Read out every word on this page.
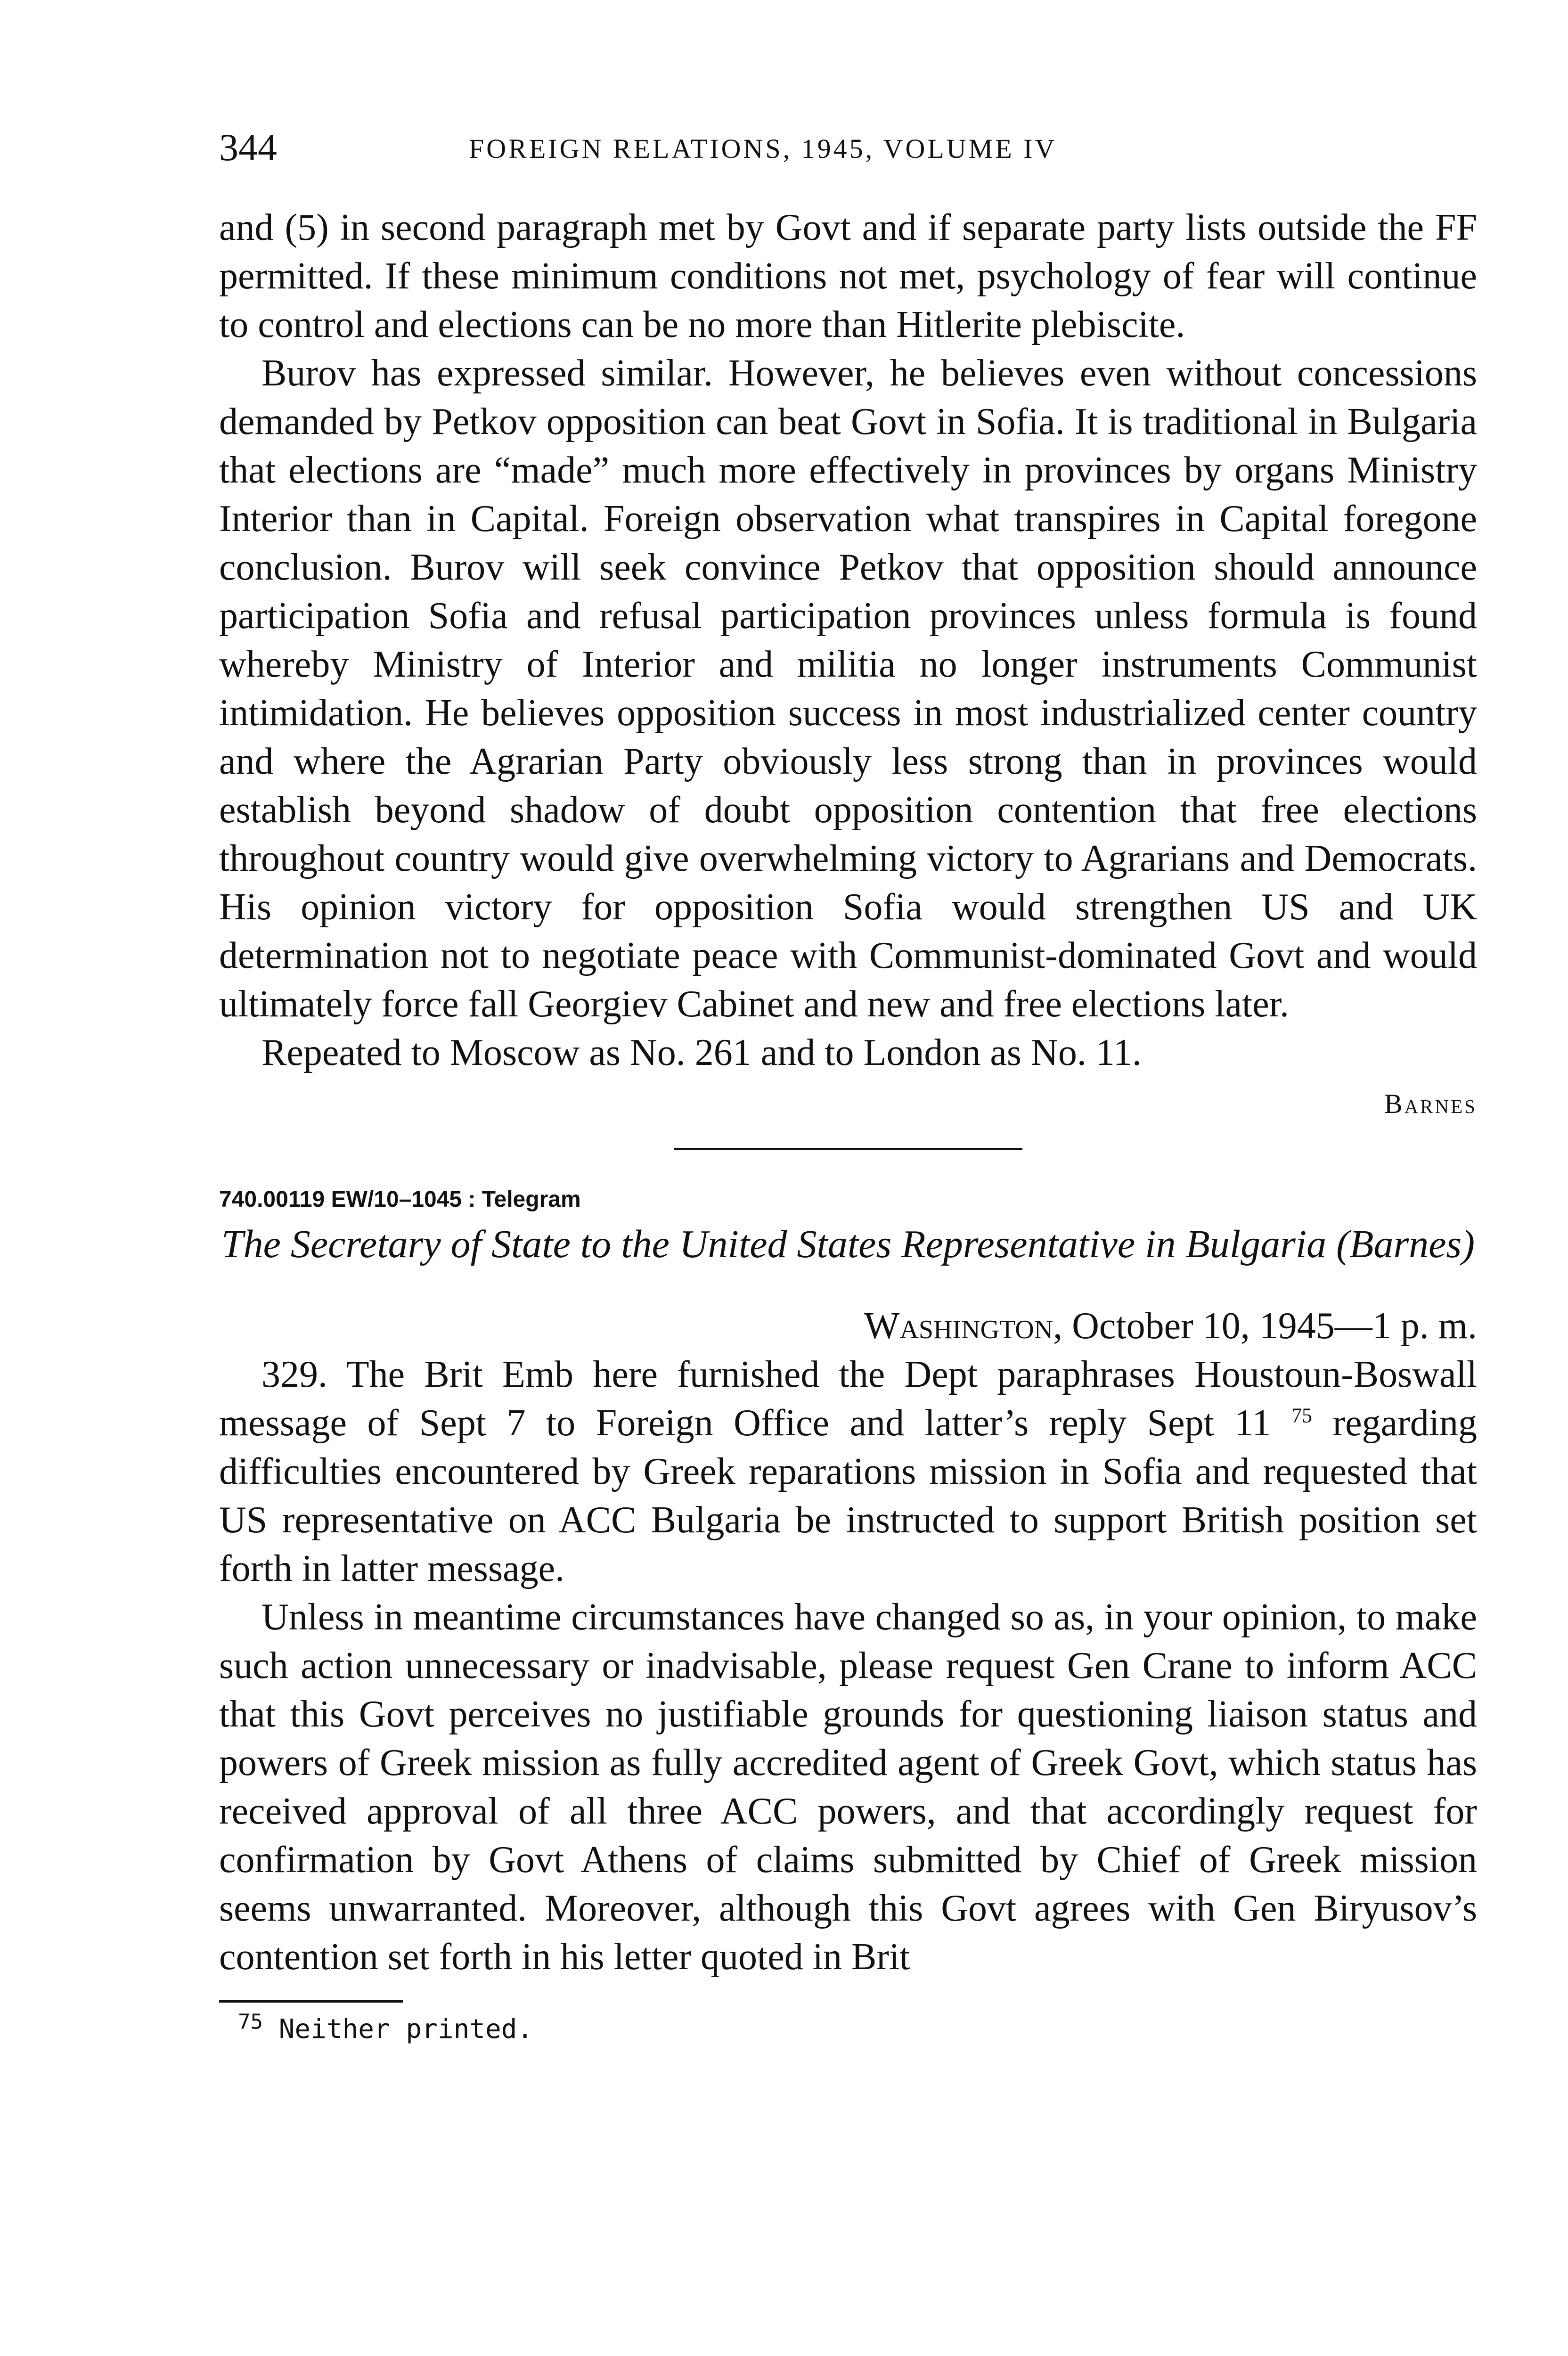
344	FOREIGN RELATIONS, 1945, VOLUME IV

and (5) in second paragraph met by Govt and if separate party lists outside the FF permitted. If these minimum conditions not met, psychology of fear will continue to control and elections can be no more than Hitlerite plebiscite.

Burov has expressed similar. However, he believes even without concessions demanded by Petkov opposition can beat Govt in Sofia. It is traditional in Bulgaria that elections are “made” much more effectively in provinces by organs Ministry Interior than in Capital. Foreign observation what transpires in Capital foregone conclusion. Burov will seek convince Petkov that opposition should announce participation Sofia and refusal participation provinces unless formula is found whereby Ministry of Interior and militia no longer instruments Communist intimidation. He believes opposition success in most industrialized center country and where the Agrarian Party obviously less strong than in provinces would establish beyond shadow of doubt opposition contention that free elections throughout country would give overwhelming victory to Agrarians and Democrats. His opinion victory for opposition Sofia would strengthen US and UK determination not to negotiate peace with Communist-dominated Govt and would ultimately force fall Georgiev Cabinet and new and free elections later.

Repeated to Moscow as No. 261 and to London as No. 11.

Barnes
740.00119 EW/10–1045 : Telegram
The Secretary of State to the United States Representative in Bulgaria (Barnes)
Washington, October 10, 1945—1 p. m.

329. The Brit Emb here furnished the Dept paraphrases Houstoun-Boswall message of Sept 7 to Foreign Office and latter’s reply Sept 11 $^{75}$ regarding difficulties encountered by Greek reparations mission in Sofia and requested that US representative on ACC Bulgaria be instructed to support British position set forth in latter message.

Unless in meantime circumstances have changed so as, in your opinion, to make such action unnecessary or inadvisable, please request Gen Crane to inform ACC that this Govt perceives no justifiable grounds for questioning liaison status and powers of Greek mission as fully accredited agent of Greek Govt, which status has received approval of all three ACC powers, and that accordingly request for confirmation by Govt Athens of claims submitted by Chief of Greek mission seems unwarranted. Moreover, although this Govt agrees with Gen Biryusov’s contention set forth in his letter quoted in Brit

$^{75}$ Neither printed.
